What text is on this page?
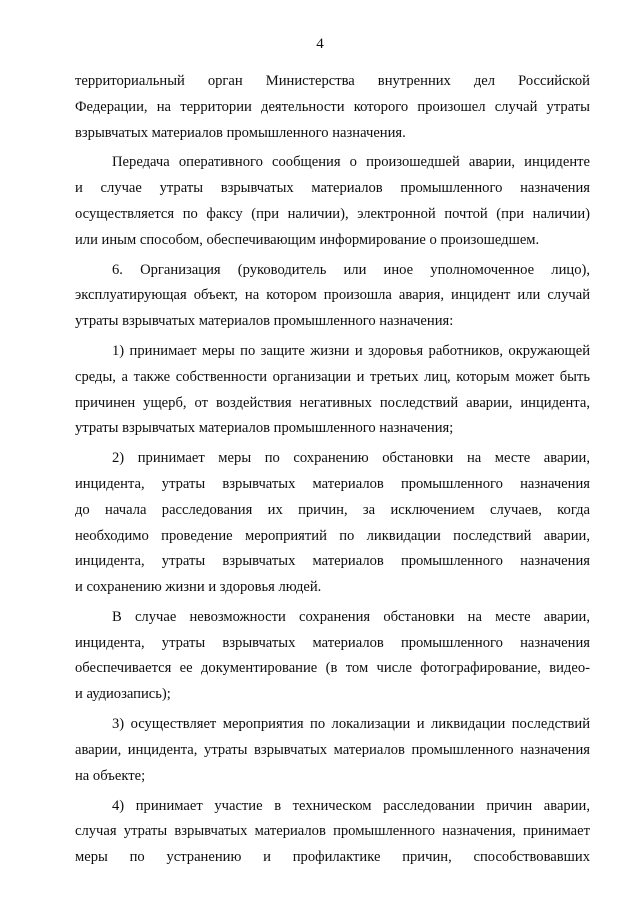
4
территориальный орган Министерства внутренних дел Российской
Федерации, на территории деятельности которого произошел случай утраты
взрывчатых материалов промышленного назначения.
Передача оперативного сообщения о произошедшей аварии, инциденте
и случае утраты взрывчатых материалов промышленного назначения
осуществляется по факсу (при наличии), электронной почтой (при наличии)
или иным способом, обеспечивающим информирование о произошедшем.
6. Организация (руководитель или иное уполномоченное лицо),
эксплуатирующая объект, на котором произошла авария, инцидент или случай
утраты взрывчатых материалов промышленного назначения:
1) принимает меры по защите жизни и здоровья работников, окружающей
среды, а также собственности организации и третьих лиц, которым может быть
причинен ущерб, от воздействия негативных последствий аварии, инцидента,
утраты взрывчатых материалов промышленного назначения;
2) принимает меры по сохранению обстановки на месте аварии,
инцидента, утраты взрывчатых материалов промышленного назначения
до начала расследования их причин, за исключением случаев, когда
необходимо проведение мероприятий по ликвидации последствий аварии,
инцидента, утраты взрывчатых материалов промышленного назначения
и сохранению жизни и здоровья людей.
В случае невозможности сохранения обстановки на месте аварии,
инцидента, утраты взрывчатых материалов промышленного назначения
обеспечивается ее документирование (в том числе фотографирование, видео-
и аудиозапись);
3) осуществляет мероприятия по локализации и ликвидации последствий
аварии, инцидента, утраты взрывчатых материалов промышленного назначения
на объекте;
4) принимает участие в техническом расследовании причин аварии,
случая утраты взрывчатых материалов промышленного назначения, принимает
меры по устранению и профилактике причин, способствовавших
